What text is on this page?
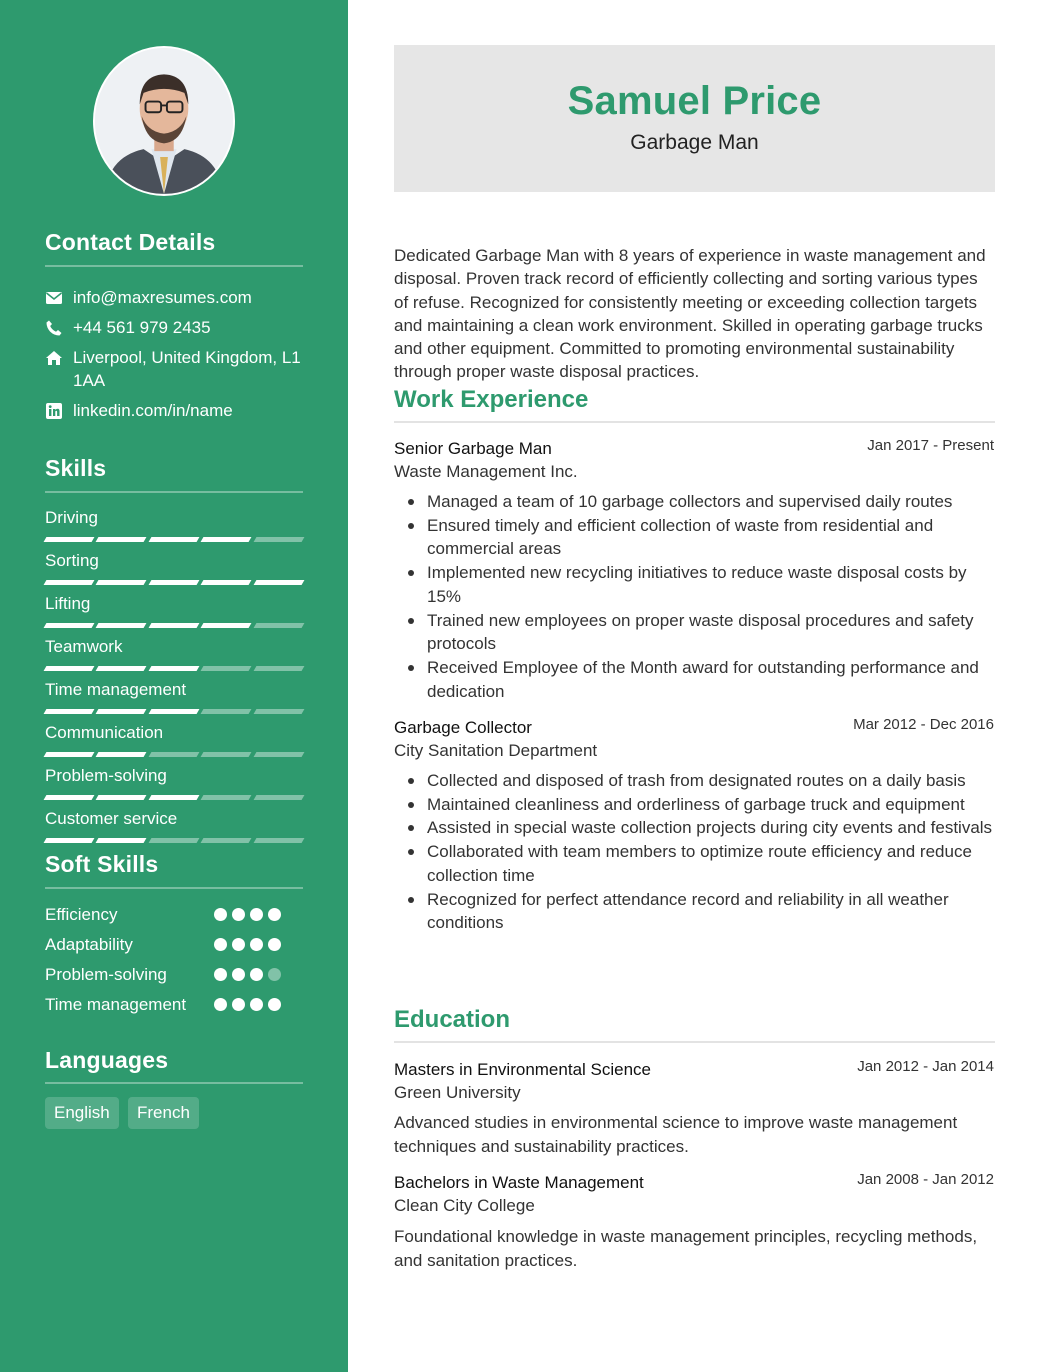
Contact Details
info@maxresumes.com
+44 561 979 2435
Liverpool, United Kingdom, L1 1AA
linkedin.com/in/name
Skills
Driving
Sorting
Lifting
Teamwork
Time management
Communication
Problem-solving
Customer service
Soft Skills
Efficiency
Adaptability
Problem-solving
Time management
Languages
English	French
Samuel Price
Garbage Man
Dedicated Garbage Man with 8 years of experience in waste management and disposal. Proven track record of efficiently collecting and sorting various types of refuse. Recognized for consistently meeting or exceeding collection targets and maintaining a clean work environment. Skilled in operating garbage trucks and other equipment. Committed to promoting environmental sustainability through proper waste disposal practices.
Work Experience
Senior Garbage Man	Jan 2017 - Present
Waste Management Inc.
Managed a team of 10 garbage collectors and supervised daily routes
Ensured timely and efficient collection of waste from residential and commercial areas
Implemented new recycling initiatives to reduce waste disposal costs by 15%
Trained new employees on proper waste disposal procedures and safety protocols
Received Employee of the Month award for outstanding performance and dedication
Garbage Collector	Mar 2012 - Dec 2016
City Sanitation Department
Collected and disposed of trash from designated routes on a daily basis
Maintained cleanliness and orderliness of garbage truck and equipment
Assisted in special waste collection projects during city events and festivals
Collaborated with team members to optimize route efficiency and reduce collection time
Recognized for perfect attendance record and reliability in all weather conditions
Education
Masters in Environmental Science	Jan 2012 - Jan 2014
Green University
Advanced studies in environmental science to improve waste management techniques and sustainability practices.
Bachelors in Waste Management	Jan 2008 - Jan 2012
Clean City College
Foundational knowledge in waste management principles, recycling methods, and sanitation practices.
